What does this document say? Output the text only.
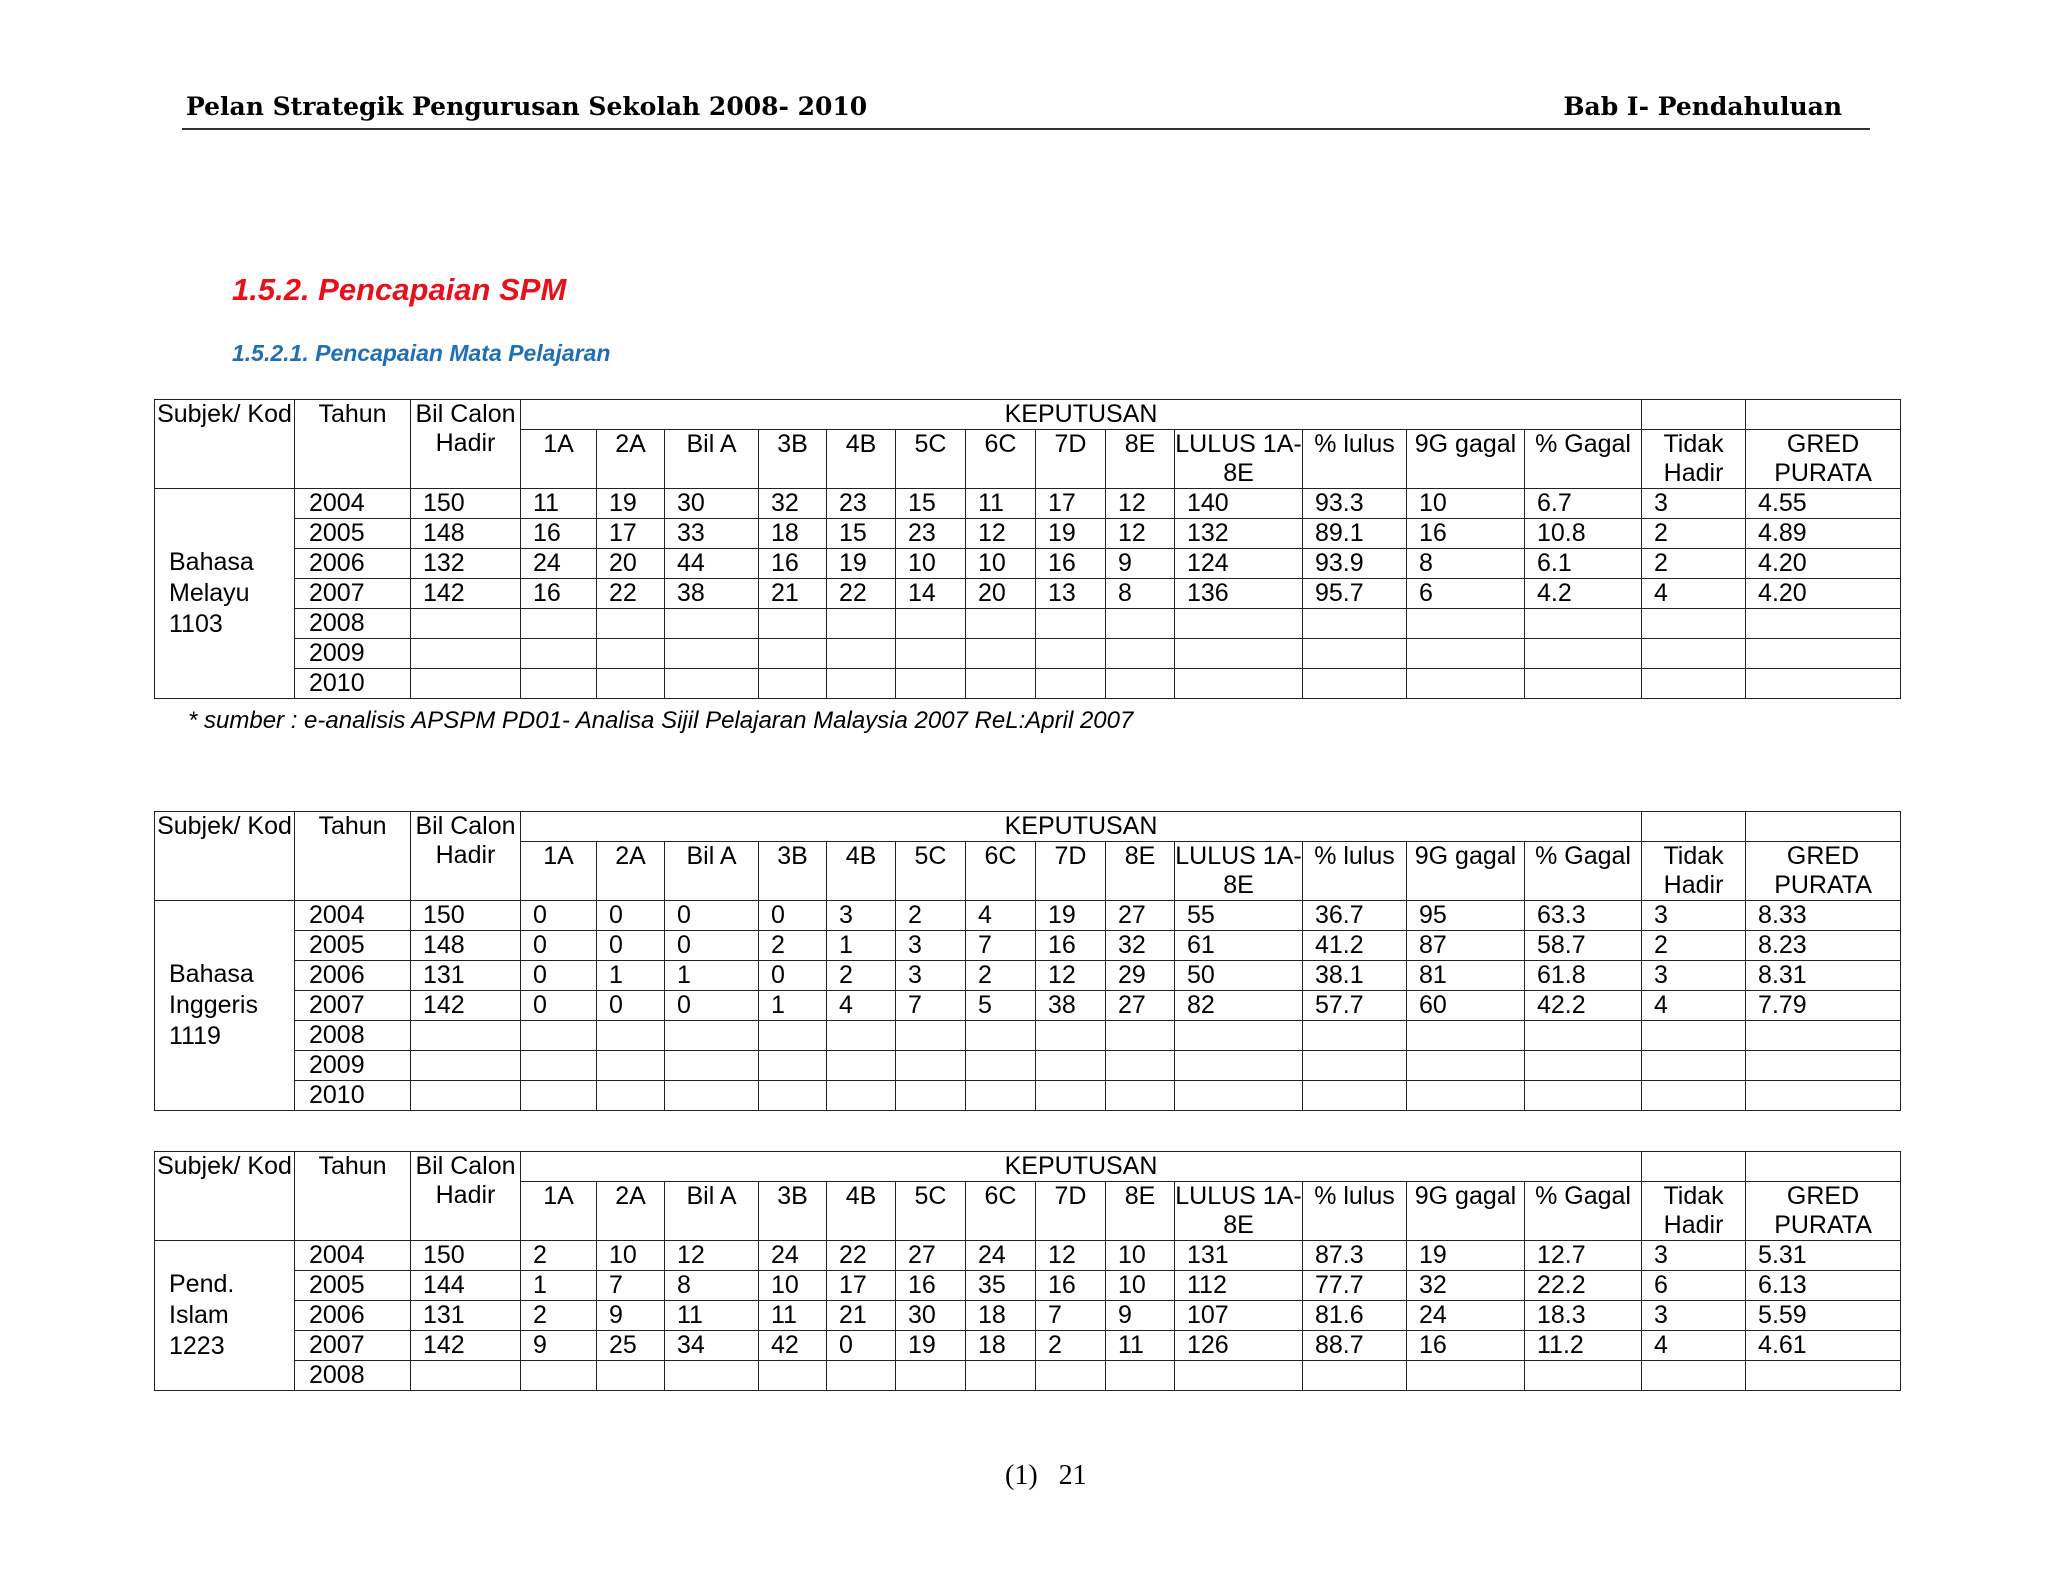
Pelan Strategik Pengurusan Sekolah 2008- 2010	Bab I- Pendahuluan
1.5.2. Pencapaian SPM
1.5.2.1. Pencapaian Mata Pelajaran
Subjek/ Kod	Tahun	Bil Calon Hadir	KEPUTUSAN														
			1A	2A	Bil A	3B	4B	5C	6C	7D	8E	LULUS 1A-8E	% lulus	9G gagal	% Gagal	Tidak Hadir	GRED PURATA
Bahasa Melayu 1103	2004	150	11	19	30	32	23	15	11	17	12	140	93.3	10	6.7	3	4.55
	2005	148	16	17	33	18	15	23	12	19	12	132	89.1	16	10.8	2	4.89
	2006	132	24	20	44	16	19	10	10	16	9	124	93.9	8	6.1	2	4.20
	2007	142	16	22	38	21	22	14	20	13	8	136	95.7	6	4.2	4	4.20
	2008																
	2009																
	2010																
* sumber : e-analisis APSPM PD01- Analisa Sijil Pelajaran Malaysia 2007 ReL:April 2007
Subjek/ Kod	Tahun	Bil Calon Hadir	KEPUTUSAN														
			1A	2A	Bil A	3B	4B	5C	6C	7D	8E	LULUS 1A-8E	% lulus	9G gagal	% Gagal	Tidak Hadir	GRED PURATA
Bahasa Inggeris 1119	2004	150	0	0	0	0	3	2	4	19	27	55	36.7	95	63.3	3	8.33
	2005	148	0	0	0	2	1	3	7	16	32	61	41.2	87	58.7	2	8.23
	2006	131	0	1	1	0	2	3	2	12	29	50	38.1	81	61.8	3	8.31
	2007	142	0	0	0	1	4	7	5	38	27	82	57.7	60	42.2	4	7.79
	2008																
	2009																
	2010																
Subjek/ Kod	Tahun	Bil Calon Hadir	KEPUTUSAN														
			1A	2A	Bil A	3B	4B	5C	6C	7D	8E	LULUS 1A-8E	% lulus	9G gagal	% Gagal	Tidak Hadir	GRED PURATA
Pend. Islam 1223	2004	150	2	10	12	24	22	27	24	12	10	131	87.3	19	12.7	3	5.31
	2005	144	1	7	8	10	17	16	35	16	10	112	77.7	32	22.2	6	6.13
	2006	131	2	9	11	11	21	30	18	7	9	107	81.6	24	18.3	3	5.59
	2007	142	9	25	34	42	0	19	18	2	11	126	88.7	16	11.2	4	4.61
	2008																
(1)   21
